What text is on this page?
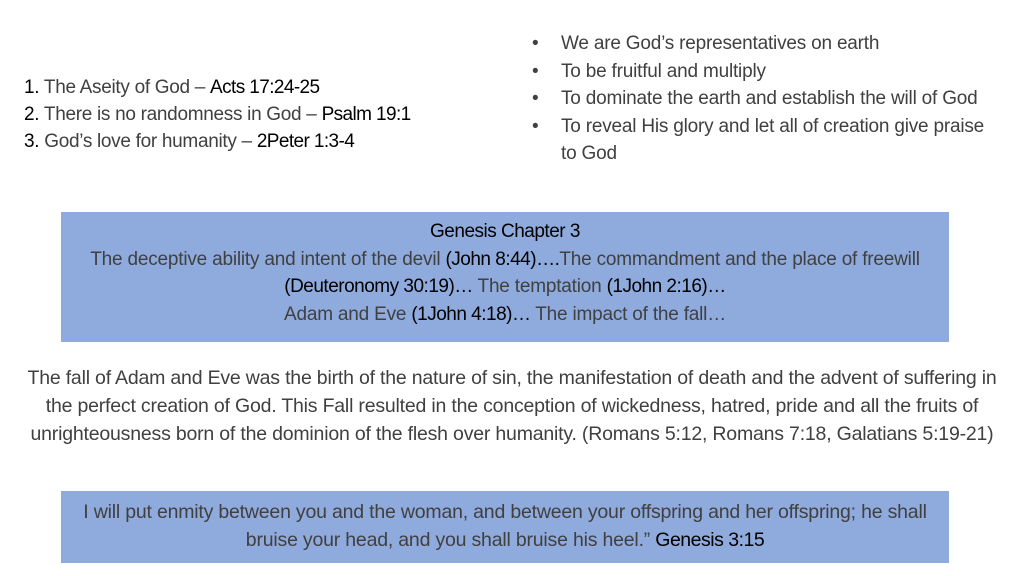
1. The Aseity of God – Acts 17:24-25
2. There is no randomness in God – Psalm 19:1
3. God’s love for humanity – 2Peter 1:3-4
• We are God’s representatives on earth
• To be fruitful and multiply
• To dominate the earth and establish the will of God
• To reveal His glory and let all of creation give praise to God
Genesis Chapter 3
The deceptive ability and intent of the devil (John 8:44)….The commandment and the place of freewill (Deuteronomy 30:19)… The temptation (1John 2:16)…
Adam and Eve (1John 4:18)… The impact of the fall…
The fall of Adam and Eve was the birth of the nature of sin, the manifestation of death and the advent of suffering in the perfect creation of God. This Fall resulted in the conception of wickedness, hatred, pride and all the fruits of unrighteousness born of the dominion of the flesh over humanity. (Romans 5:12, Romans 7:18, Galatians 5:19-21)
I will put enmity between you and the woman, and between your offspring and her offspring; he shall bruise your head, and you shall bruise his heel.” Genesis 3:15
